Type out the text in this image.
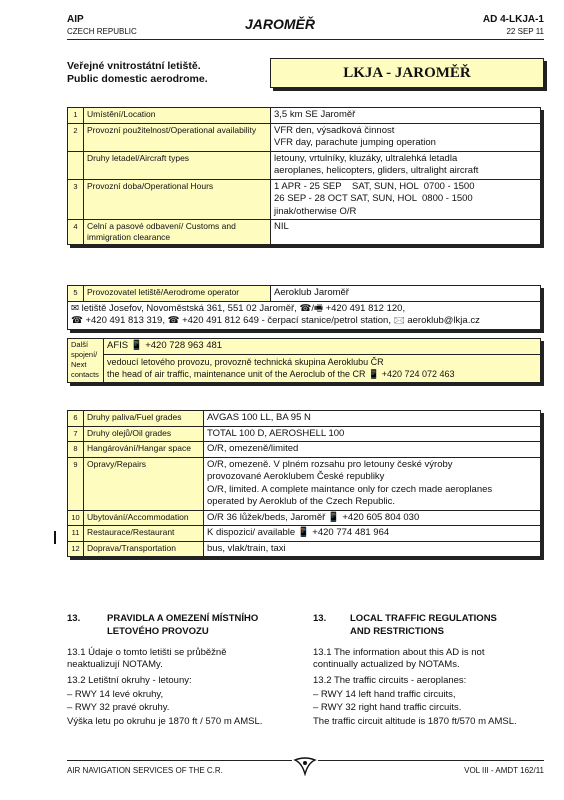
AIP
CZECH REPUBLIC	JAROMĚŘ	AD 4-LKJA-1
22 SEP 11
Veřejné vnitrostátní letiště.
Public domestic aerodrome.	LKJA - JAROMĚŘ
1	Umístění/Location	3,5 km SE Jaroměř

2	Provozní použitelnost/Operational availability	VFR den, výsadková činnost
VFR day, parachute jumping operation

	Druhy letadel/Aircraft types	letouny, vrtulníky, kluzáky, ultralehká letadla
aeroplanes, helicopters, gliders, ultralight aircraft

3	Provozní doba/Operational Hours	1 APR - 25 SEP    SAT, SUN, HOL  0700 - 1500
26 SEP - 28 OCT SAT, SUN, HOL  0800 - 1500
jinak/otherwise O/R

4	Celní a pasové odbavení/ Customs and immigration clearance	NIL
5	Provozovatel letiště/Aerodrome operator	Aeroklub Jaroměř

✉ letiště Josefov, Novoměstská 361, 551 02 Jaroměř, ☎/🖷 +420 491 812 120,
☎ +420 491 813 319, ☎ +420 491 812 649 - čerpací stanice/petrol station, 🖂 aeroklub@lkja.cz
Další spojení/ Next contacts	AFIS 📱 +420 728 963 481

vedoucí letového provozu, provozně technická skupina Aeroklubu ČR
the head of air traffic, maintenance unit of the Aeroclub of the CR 📱 +420 724 072 463
6	Druhy paliva/Fuel grades	AVGAS 100 LL, BA 95 N

7	Druhy olejů/Oil grades	TOTAL 100 D, AEROSHELL 100

8	Hangárování/Hangar space	O/R, omezeně/limited

9	Opravy/Repairs	O/R, omezeně. V plném rozsahu pro letouny české výroby
provozované Aeroklubem České republiky
O/R, limited. A complete maintance only for czech made aeroplanes
operated by Aeroklub of the Czech Republic.

10	Ubytování/Accommodation	O/R 36 lůžek/beds, Jaroměř 📱 +420 605 804 030

11	Restaurace/Restaurant	K dispozici/ available 📱 +420 774 481 964

12	Doprava/Transportation	bus, vlak/train, taxi
13.	PRAVIDLA A OMEZENÍ MÍSTNÍHO
LETOVÉHO PROVOZU
13.1 Údaje o tomto letišti se průběžně
neaktualizují NOTAMy.
13.2 Letištní okruhy - letouny:
– RWY 14 levé okruhy,
– RWY 32 pravé okruhy.
Výška letu po okruhu je 1870 ft / 570 m AMSL.
13.	LOCAL TRAFFIC REGULATIONS
AND RESTRICTIONS
13.1 The information about this AD is not
continually actualized by NOTAMs.
13.2 The traffic circuits - aeroplanes:
– RWY 14 left hand traffic circuits,
– RWY 32 right hand traffic circuits.
The traffic circuit altitude is 1870 ft/570 m AMSL.
AIR NAVIGATION SERVICES OF THE C.R.	VOL III - AMDT 162/11
